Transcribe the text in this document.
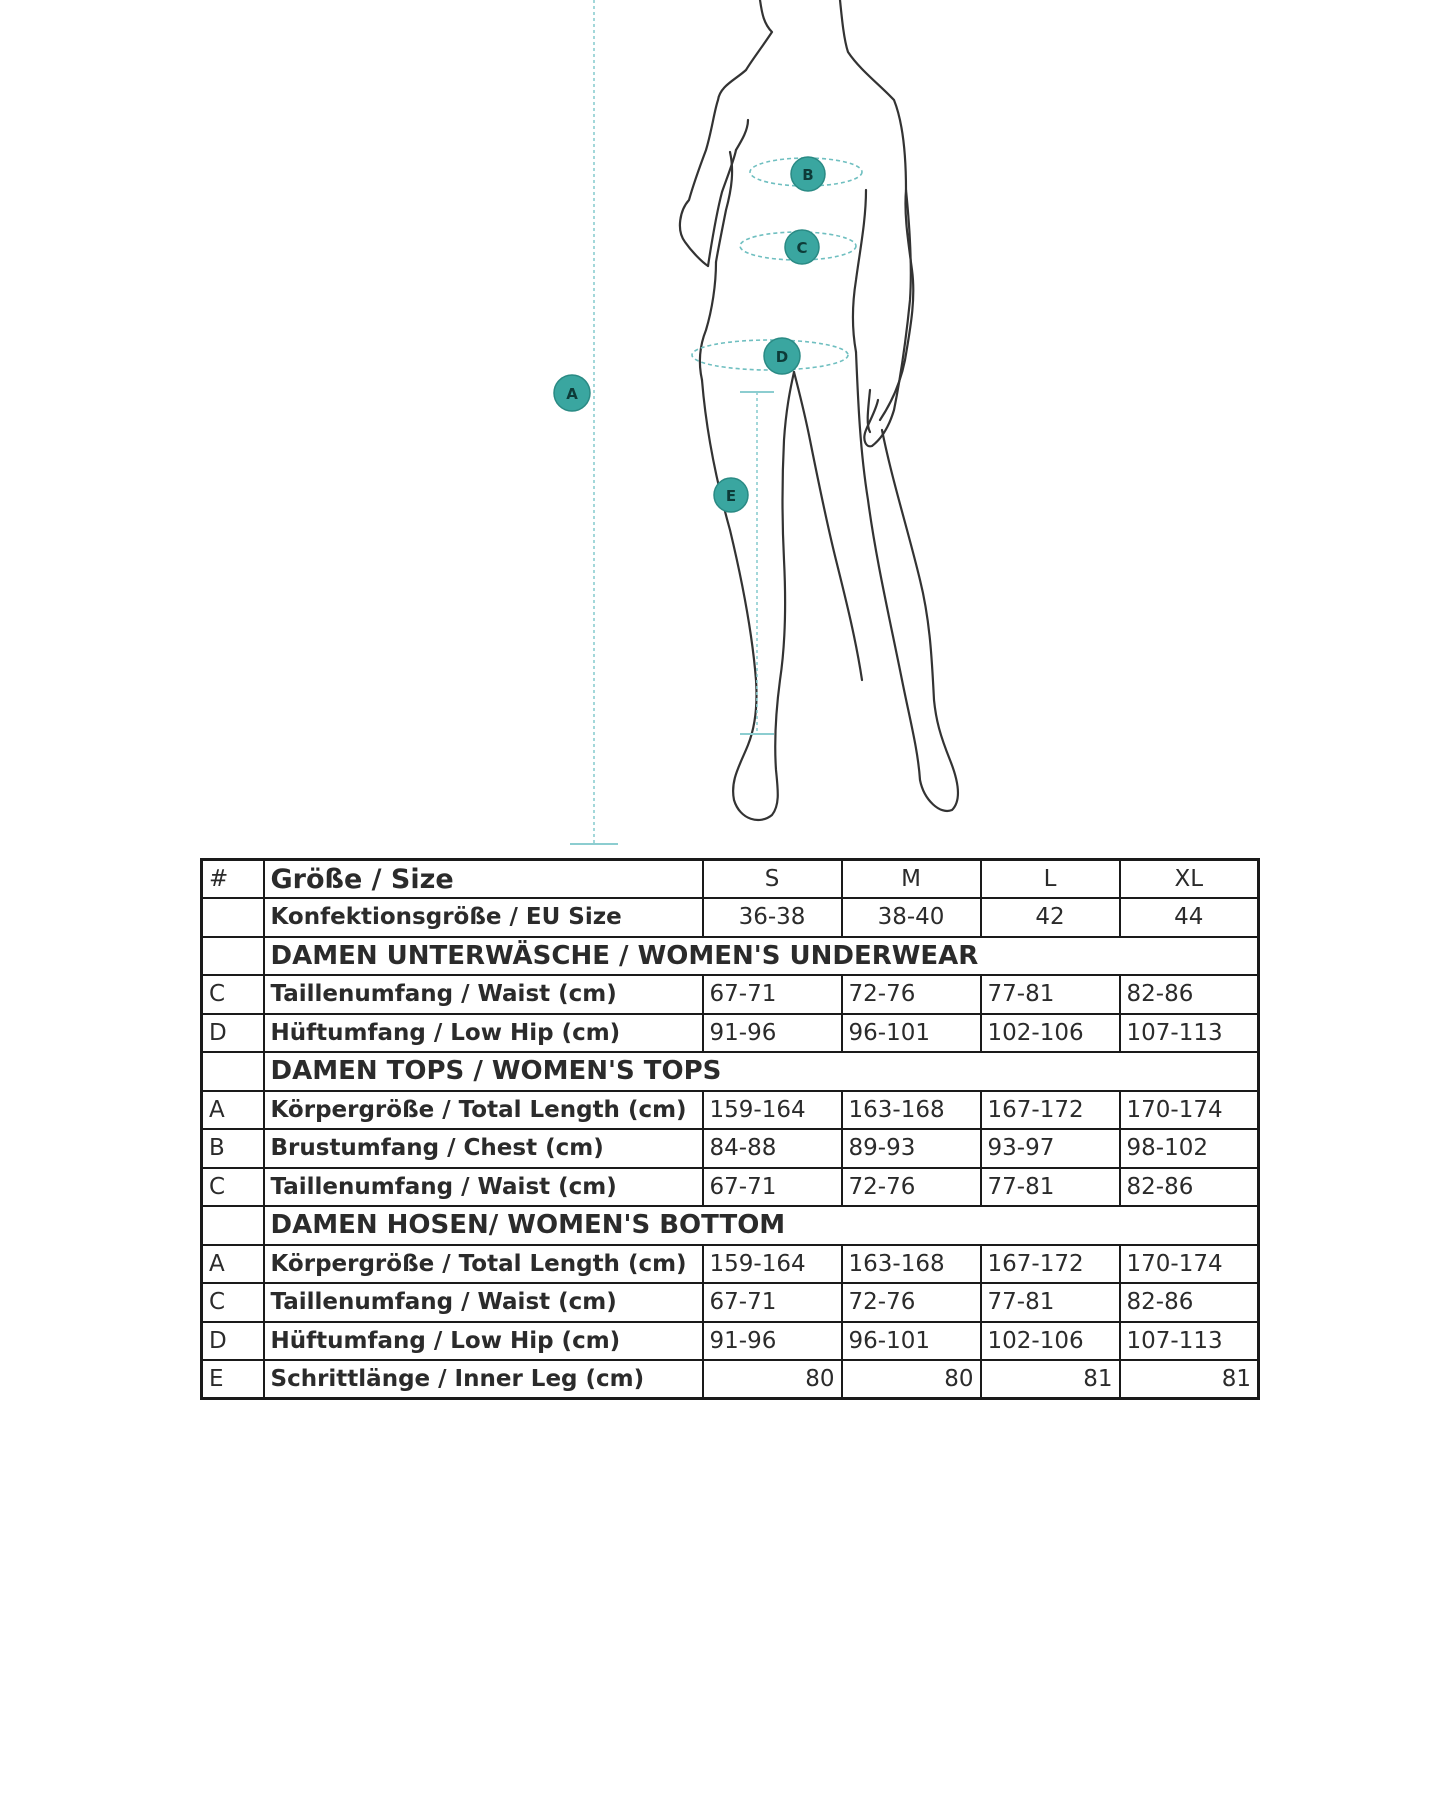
A
B
C
D
E
#	Größe / Size	S	M	L	XL
	Konfektionsgröße / EU Size	36-38	38-40	42	44
	DAMEN UNTERWÄSCHE / WOMEN'S UNDERWEAR				
C	Taillenumfang / Waist (cm)	67-71	72-76	77-81	82-86
D	Hüftumfang / Low Hip (cm)	91-96	96-101	102-106	107-113
	DAMEN TOPS / WOMEN'S TOPS				
A	Körpergröße / Total Length (cm)	159-164	163-168	167-172	170-174
B	Brustumfang / Chest (cm)	84-88	89-93	93-97	98-102
C	Taillenumfang / Waist (cm)	67-71	72-76	77-81	82-86
	DAMEN HOSEN/ WOMEN'S BOTTOM				
A	Körpergröße / Total Length (cm)	159-164	163-168	167-172	170-174
C	Taillenumfang / Waist (cm)	67-71	72-76	77-81	82-86
D	Hüftumfang / Low Hip (cm)	91-96	96-101	102-106	107-113
E	Schrittlänge / Inner Leg (cm)	80	80	81	81
